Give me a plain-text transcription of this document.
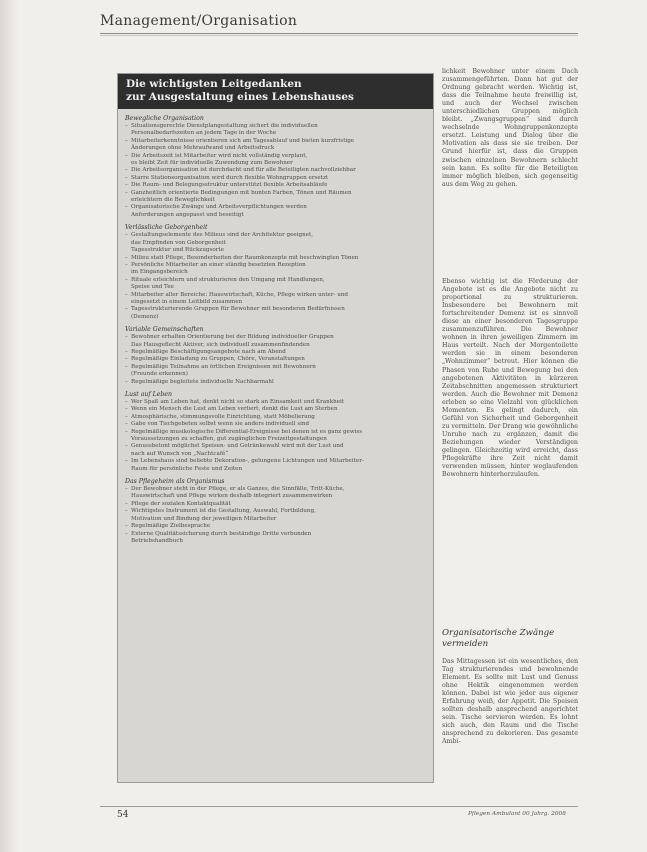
Management/Organisation
Die wichtigsten Leitgedanken
zur Ausgestaltung eines Lebenshauses
Bewegliche Organisation
– Situationsgerechte Dienstplangestaltung sichert die individuellen
Personalbedarfszeiten an jedem Tage in der Woche
– Mitarbeiterkenntnisse orientieren sich am Tagesablauf und bieten kurzfristige
Änderungen ohne Mehraufwand und Arbeitsdruck
– Die Arbeitszeit ist Mitarbeiter wird nicht vollständig verplant,
es bleibt Zeit für individuelle Zuwendung zum Bewohner
– Die Arbeitsorganisation ist durchdacht und für alle Beteiligten nachvollziehbar
– Starre Stationsorganisation wird durch flexible Wohngruppen ersetzt
– Die Raum- und Belegungsstruktur unterstützt flexible Arbeitsabläufe
– Ganzheitlich orientierte Bedingungen mit bunten Farben, Tönen und Räumen
erleichtern die Beweglichkeit
– Organisatorische Zwänge und Arbeitsverpflichtungen werden
Anforderungen angepasst und beseitigt
Verlässliche Geborgenheit
– Gestaltungselemente des Milieus sind der Architektur geeignet,
das Empfinden von Geborgenheit
Tagesstruktur und Rückzugsorte
– Milieu statt Pflege, Besonderheiten der Raumkonzepte mit beschwingten Tönen
– Persönliche Mitarbeiter an einer ständig besetzten Rezeption
im Eingangsbereich
– Rituale erleichtern und strukturieren den Umgang mit Handlungen,
Speise und Tee
– Mitarbeiter aller Bereiche: Hauswirtschaft, Küche, Pflege wirken unter- und
eingesetzt in einem Leitbild zusammen
– Tagesstrukturierende Gruppen für Bewohner mit besonderen Bedürfnissen
(Demenz)
Variable Gemeinschaften
– Bewohner erhalten Orientierung bei der Bildung individueller Gruppen
Das Hausgeflecht Aktiver, sich individuell zusammenfindenden
– Regelmäßige Beschäftigungsangebote nach am Abend
– Regelmäßige Einladung zu Gruppen, Chöre, Veranstaltungen
– Regelmäßige Teilnahme an örtlichen Ereignissen mit Bewohnern
(Freunde erkennen)
– Regelmäßige begleitete individuelle Nachbarmahl
Lust auf Leben
– Wer Spaß am Leben hat, denkt nicht so stark an Einsamkeit und Krankheit
– Wenn ein Mensch die Lust am Leben verliert, denkt die Lust am Sterben
– Atmosphärische, stimmungsvolle Einrichtung, statt Möbelierung
– Gabe von Tischgebeten selbst wenn sie anders individuell sind
– Regelmäßige musikologische Differential-Ereignisse bei denen ist es ganz gewiss
Voraussetzungen zu schaffen, gut zugänglichen Freizeitgestaltungen
– Genussbetont möglichst Speisen- und Getränkewahl wird mit der Lust und
nach auf Wunsch von „Nachtcafé“
– Im Lebenshaus sind beliebte Dekoration-, gelungene Lichtungen und Mitarbeiter-
Raum für persönliche Feste und Zeiten
Das Pflegeheim als Organismus
– Der Bewohner steht in der Pflege, er als Ganzes, die Sinnfälle, Tritt-Küche,
Hauswirtschaft und Pflege wirken deshalb integriert zusammenwirken
– Pflege der sozialen Kontaktqualität
– Wichtigstes Instrument ist die Gestaltung, Auswahl, Fortbildung,
Motivation und Bindung der jeweiligen Mitarbeiter
– Regelmäßige Zielbesprache
– Externe Qualitätssicherung durch beständige Dritte verbunden
Betriebshandbuch

lichkeit Bewohner unter einem Dach zusammengeführten. Dann hat gut der Ordnung gebracht werden. Wichtig ist, dass die Teilnahme heute freiwillig ist, und auch der Wechsel zwischen unterschiedlichen Gruppen möglich bleibt. „Zwangsgruppen“ sind durch wechselnde Wohngruppenkonzepte ersetzt. Leistung und Dialog über die Motivation als dass sie sie treiben. Der Grund hierfür ist, dass die Gruppen zwischen einzelnen Bewohnern schlecht sein kann. Es sollte für die Beteiligten immer möglich bleiben, sich gegenseitig aus dem Weg zu gehen.

Ebenso wichtig ist die Förderung der Angebote ist es die Angebote nicht zu proportional zu strukturieren. Insbesondere bei Bewohnern mit fortschreitender Demenz ist es sinnvoll diese an einer besonderen Tagesgruppe zusammenzuführen. Die Bewohner wohnen in ihren jeweiligen Zimmern im Haus verteilt. Nach der Morgentoilette werden sie in einem besonderen „Wohnzimmer“ betreut. Hier können die Phasen von Ruhe und Bewegung bei den angebotenen Aktivitäten in kürzeren Zeitabschnitten angemessen strukturiert werden. Auch die Bewohner mit Demenz erleben so eine Vielzahl von glücklichen Momenten. Es gelingt dadurch, ein Gefühl von Sicherheit und Geborgenheit zu vermitteln. Der Drang wie gewöhnliche Unruhe nach zu ergänzen, damit die Beziehungen wieder Verständigen gelingen. Gleichzeitig wird erreicht, dass Pflegekräfte ihre Zeit nicht damit verwenden müssen, hinter weglaufenden Bewohnern hinterherzulaufen.

Organisatorische Zwänge
vermeiden

Das Mittagessen ist ein wesentliches, den Tag strukturierendes und bewohnende Element. Es sollte mit Lust und Genuss ohne Hektik eingenommen werden können. Dabei ist wie jeder aus eigener Erfahrung weiß, der Appetit. Die Speisen sollten deshalb ansprechend angerichtet sein. Tische servieren werden. Es lohnt sich auch, den Raum und die Tische ansprechend zu dekorieren. Das gesamte Ambi-

54	Pflegen Ambulant 00 Jahrg. 2008
